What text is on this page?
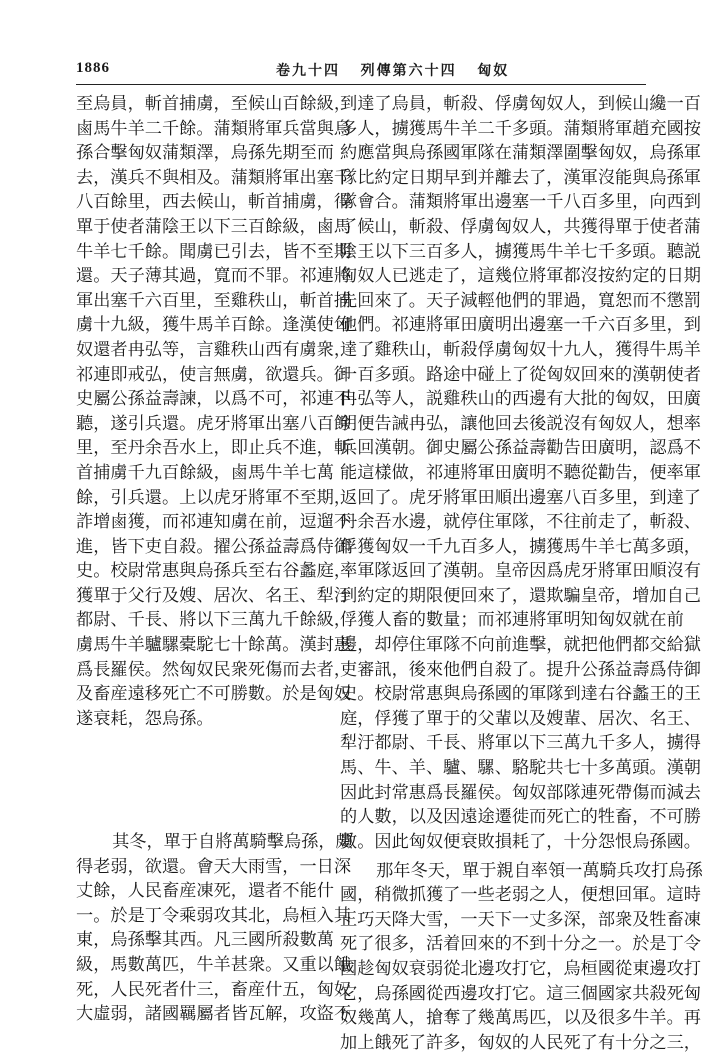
1886	卷九十四   列傳第六十四   匈奴
至烏員，斬首捕虜，至候山百餘級，
鹵馬牛羊二千餘。蒲類將軍兵當與烏
孫合擊匈奴蒲類澤，烏孫先期至而
去，漢兵不與相及。蒲類將軍出塞千
八百餘里，西去候山，斬首捕虜，得
單于使者蒲陰王以下三百餘級，鹵馬
牛羊七千餘。聞虜已引去，皆不至期
還。天子薄其過，寬而不罪。祁連將
軍出塞千六百里，至雞秩山，斬首捕
虜十九級，獲牛馬羊百餘。逢漢使匈
奴還者冉弘等，言雞秩山西有虜衆，
祁連即戒弘，使言無虜，欲還兵。御
史屬公孫益壽諫，以爲不可，祁連不
聽，遂引兵還。虎牙將軍出塞八百餘
里，至丹余吾水上，即止兵不進，斬
首捕虜千九百餘級，鹵馬牛羊七萬
餘，引兵還。上以虎牙將軍不至期，
詐增鹵獲，而祁連知虜在前，逗遛不
進，皆下吏自殺。擢公孫益壽爲侍御
史。校尉常惠與烏孫兵至右谷蠡庭，
獲單于父行及嫂、居次、名王、犁汙
都尉、千長、將以下三萬九千餘級，
虜馬牛羊驢騾橐駝七十餘萬。漢封惠
爲長羅侯。然匈奴民衆死傷而去者，
及畜産遠移死亡不可勝數。於是匈奴
遂衰耗，怨烏孫。
其冬，單于自將萬騎擊烏孫，頗
得老弱，欲還。會天大雨雪，一日深
丈餘，人民畜産凍死，還者不能什
一。於是丁令乘弱攻其北，烏桓入其
東，烏孫擊其西。凡三國所殺數萬
級，馬數萬匹，牛羊甚衆。又重以餓
死，人民死者什三，畜産什五，匈奴
大虛弱，諸國羈屬者皆瓦解，攻盜不
到達了烏員，斬殺、俘虜匈奴人，到候山纔一百
多人，擄獲馬牛羊二千多頭。蒲類將軍趙充國按
約應當與烏孫國軍隊在蒲類澤圍擊匈奴，烏孫軍
隊比約定日期早到并離去了，漢軍沒能與烏孫軍
隊會合。蒲類將軍出邊塞一千八百多里，向西到
了候山，斬殺、俘虜匈奴人，共獲得單于使者蒲
陰王以下三百多人，擄獲馬牛羊七千多頭。聽説
匈奴人已逃走了，這幾位將軍都沒按約定的日期
先回來了。天子減輕他們的罪過，寬恕而不懲罰
他們。祁連將軍田廣明出邊塞一千六百多里，到
達了雞秩山，斬殺俘虜匈奴十九人，獲得牛馬羊
一百多頭。路途中碰上了從匈奴回來的漢朝使者
冉弘等人，説雞秩山的西邊有大批的匈奴，田廣
明便告誡冉弘，讓他回去後説沒有匈奴人，想率
兵回漢朝。御史屬公孫益壽勸告田廣明，認爲不
能這樣做，祁連將軍田廣明不聽從勸告，便率軍
返回了。虎牙將軍田順出邊塞八百多里，到達了
丹余吾水邊，就停住軍隊，不往前走了，斬殺、
俘獲匈奴一千九百多人，擄獲馬牛羊七萬多頭，
率軍隊返回了漢朝。皇帝因爲虎牙將軍田順沒有
到約定的期限便回來了，還欺騙皇帝，增加自己
俘獲人畜的數量；而祁連將軍明知匈奴就在前
邊，却停住軍隊不向前進擊，就把他們都交給獄
吏審訊，後來他們自殺了。提升公孫益壽爲侍御
史。校尉常惠與烏孫國的軍隊到達右谷蠡王的王
庭，俘獲了單于的父輩以及嫂輩、居次、名王、
犁汙都尉、千長、將軍以下三萬九千多人，擄得
馬、牛、羊、驢、騾、駱駝共七十多萬頭。漢朝
因此封常惠爲長羅侯。匈奴部隊連死帶傷而減去
的人數，以及因遠途遷徙而死亡的牲畜，不可勝
數。因此匈奴便衰敗損耗了，十分怨恨烏孫國。
那年冬天，單于親自率領一萬騎兵攻打烏孫
國，稍微抓獲了一些老弱之人，便想回軍。這時
正巧天降大雪，一天下一丈多深，部衆及牲畜凍
死了很多，活着回來的不到十分之一。於是丁令
國趁匈奴衰弱從北邊攻打它，烏桓國從東邊攻打
它，烏孫國從西邊攻打它。這三個國家共殺死匈
奴幾萬人，搶奪了幾萬馬匹，以及很多牛羊。再
加上餓死了許多，匈奴的人民死了有十分之三，
